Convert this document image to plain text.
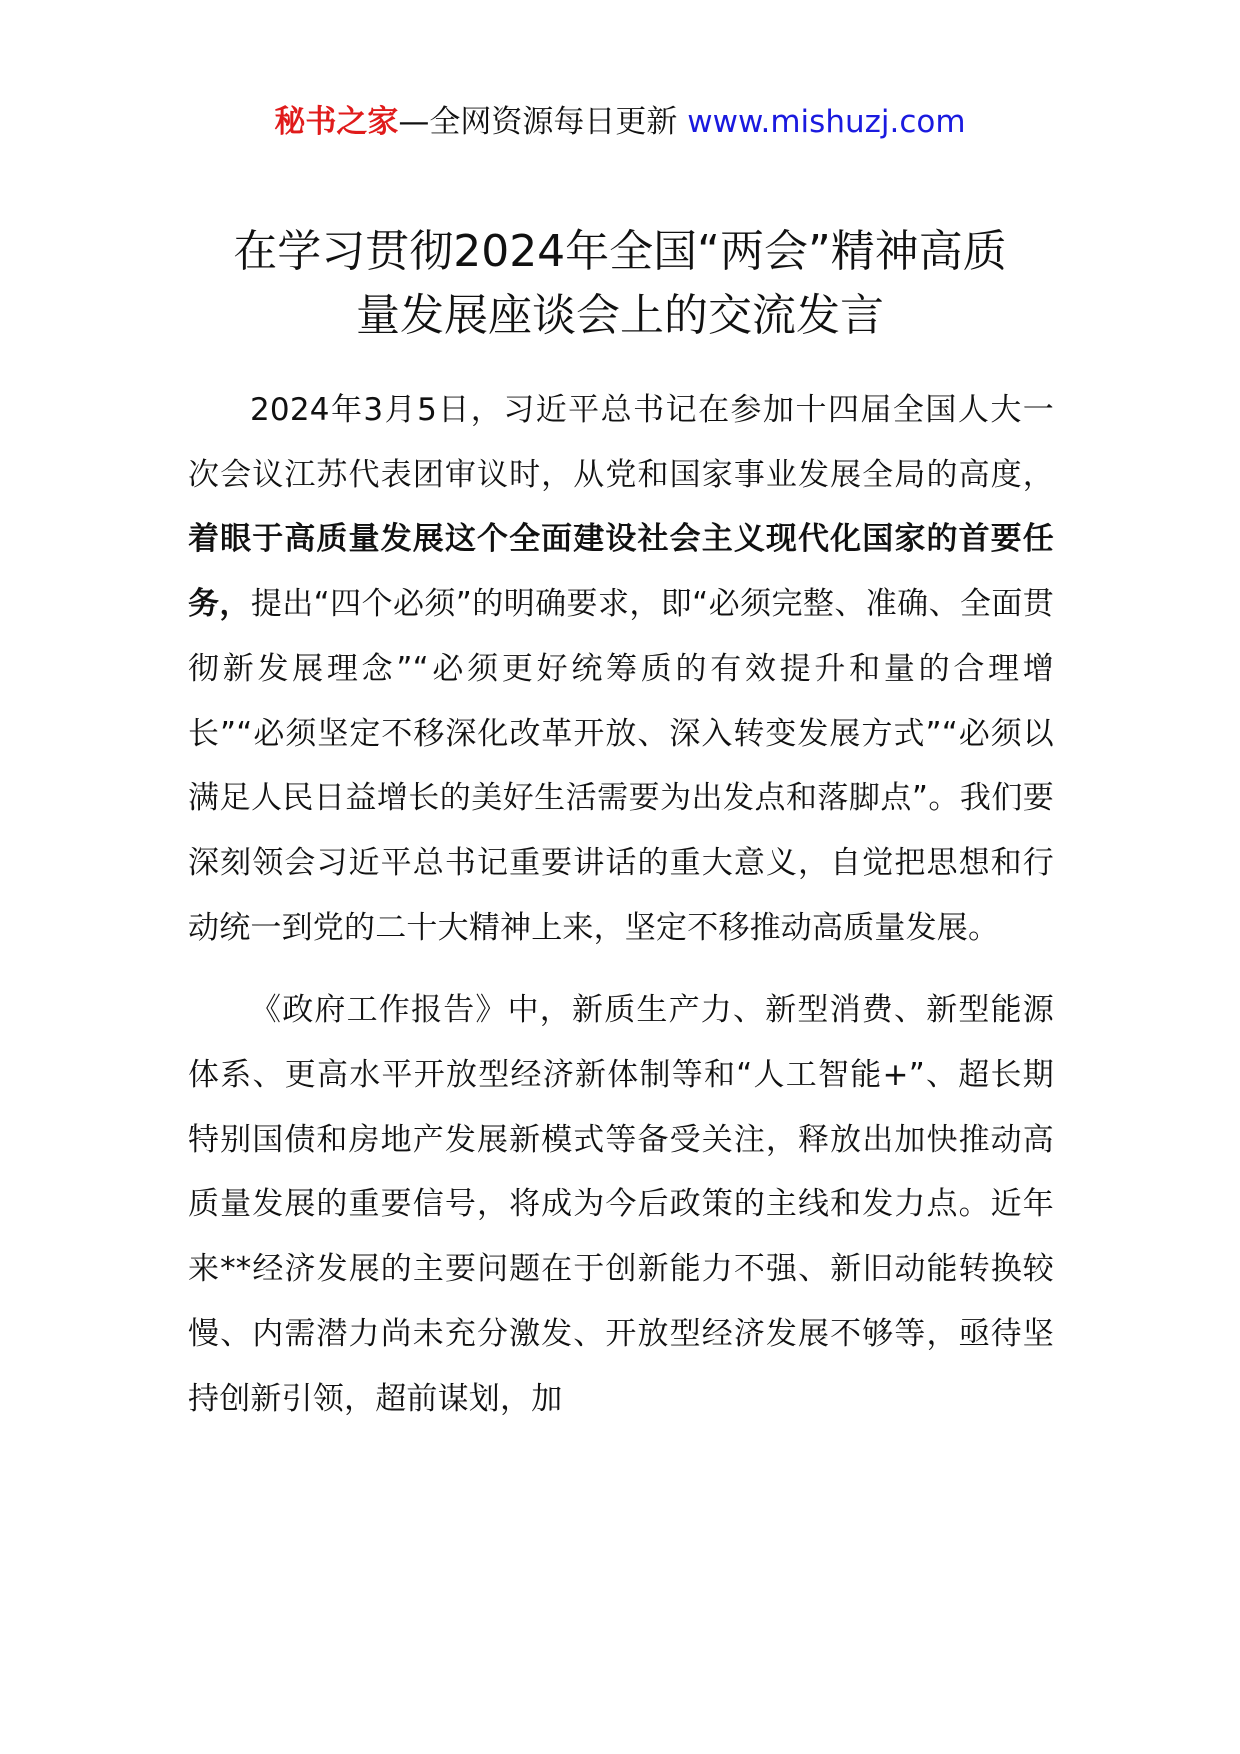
秘书之家—全网资源每日更新 www.mishuzj.com
在学习贯彻2024年全国“两会”精神高质
量发展座谈会上的交流发言

2024年3月5日，习近平总书记在参加十四届全国人大一次会议江苏代表团审议时，从党和国家事业发展全局的高度，着眼于高质量发展这个全面建设社会主义现代化国家的首要任务，提出“四个必须”的明确要求，即“必须完整、准确、全面贯彻新发展理念”“必须更好统筹质的有效提升和量的合理增长”“必须坚定不移深化改革开放、深入转变发展方式”“必须以满足人民日益增长的美好生活需要为出发点和落脚点”。我们要深刻领会习近平总书记重要讲话的重大意义，自觉把思想和行动统一到党的二十大精神上来，坚定不移推动高质量发展。

《政府工作报告》中，新质生产力、新型消费、新型能源体系、更高水平开放型经济新体制等和“人工智能+”、超长期特别国债和房地产发展新模式等备受关注，释放出加快推动高质量发展的重要信号，将成为今后政策的主线和发力点。近年来**经济发展的主要问题在于创新能力不强、新旧动能转换较慢、内需潜力尚未充分激发、开放型经济发展不够等，亟待坚持创新引领，超前谋划，加
